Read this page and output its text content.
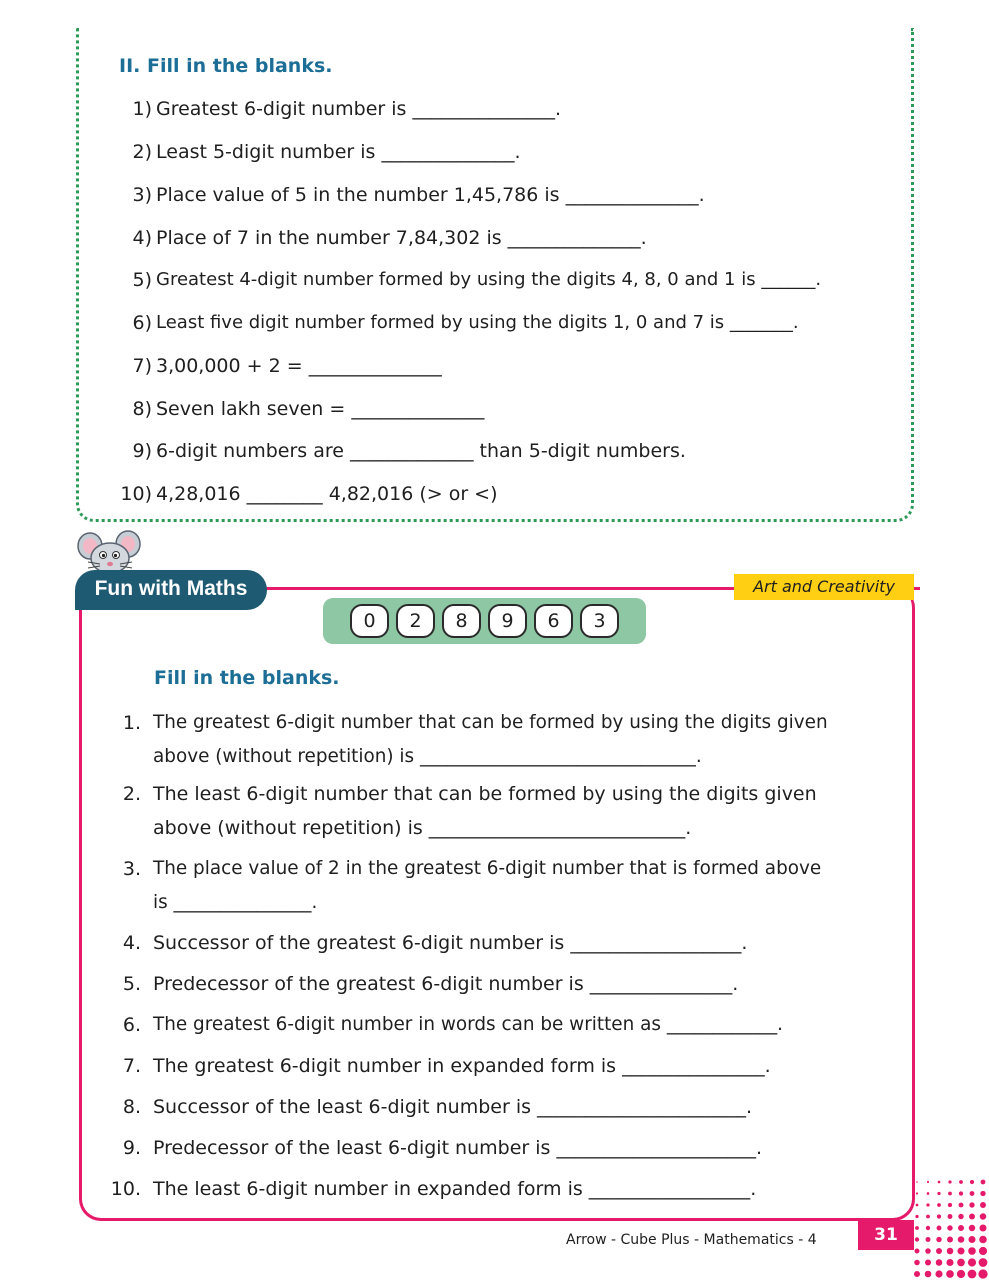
II. Fill in the blanks.
1) Greatest 6-digit number is _______________.
2) Least 5-digit number is ______________.
3) Place value of 5 in the number 1,45,786 is ______________.
4) Place of 7 in the number 7,84,302 is ______________.
5) Greatest 4-digit number formed by using the digits 4, 8, 0 and 1 is ______.
6) Least five digit number formed by using the digits 1, 0 and 7 is _______.
7) 3,00,000 + 2 = ______________
8) Seven lakh seven = ______________
9) 6-digit numbers are _____________ than 5-digit numbers.
10) 4,28,016 ________ 4,82,016 (> or <)
Fun with Maths	Art and Creativity
0	2	8	9	6	3
Fill in the blanks.
1. The greatest 6-digit number that can be formed by using the digits given
above (without repetition) is ______________________________.
2. The least 6-digit number that can be formed by using the digits given
above (without repetition) is ___________________________.
3. The place value of 2 in the greatest 6-digit number that is formed above
is _______________.
4. Successor of the greatest 6-digit number is __________________.
5. Predecessor of the greatest 6-digit number is _______________.
6. The greatest 6-digit number in words can be written as ____________.
7. The greatest 6-digit number in expanded form is _______________.
8. Successor of the least 6-digit number is ______________________.
9. Predecessor of the least 6-digit number is _____________________.
10. The least 6-digit number in expanded form is _________________.
Arrow - Cube Plus - Mathematics - 4	31
